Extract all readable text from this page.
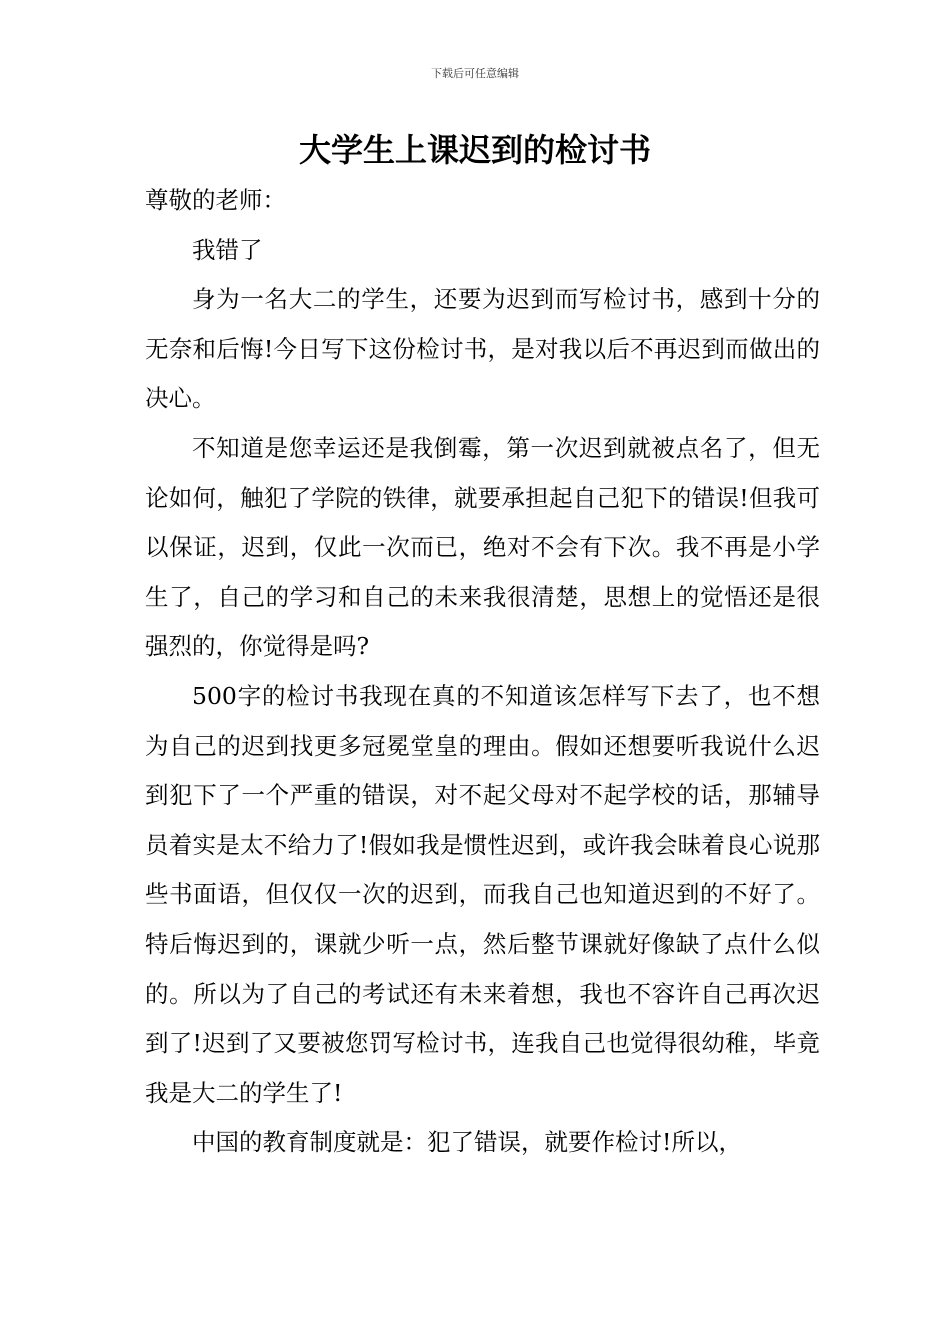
下载后可任意编辑
大学生上课迟到的检讨书

尊敬的老师：

我错了

身为一名大二的学生，还要为迟到而写检讨书，感到十分的无奈和后悔!今日写下这份检讨书，是对我以后不再迟到而做出的决心。

不知道是您幸运还是我倒霉，第一次迟到就被点名了，但无论如何，触犯了学院的铁律，就要承担起自己犯下的错误!但我可以保证，迟到，仅此一次而已，绝对不会有下次。我不再是小学生了，自己的学习和自己的未来我很清楚，思想上的觉悟还是很强烈的，你觉得是吗?

500字的检讨书我现在真的不知道该怎样写下去了，也不想为自己的迟到找更多冠冕堂皇的理由。假如还想要听我说什么迟到犯下了一个严重的错误，对不起父母对不起学校的话，那辅导员着实是太不给力了!假如我是惯性迟到，或许我会昧着良心说那些书面语，但仅仅一次的迟到，而我自己也知道迟到的不好了。特后悔迟到的，课就少听一点，然后整节课就好像缺了点什么似的。所以为了自己的考试还有未来着想，我也不容许自己再次迟到了!迟到了又要被您罚写检讨书，连我自己也觉得很幼稚，毕竟我是大二的学生了!

中国的教育制度就是：犯了错误，就要作检讨!所以，
